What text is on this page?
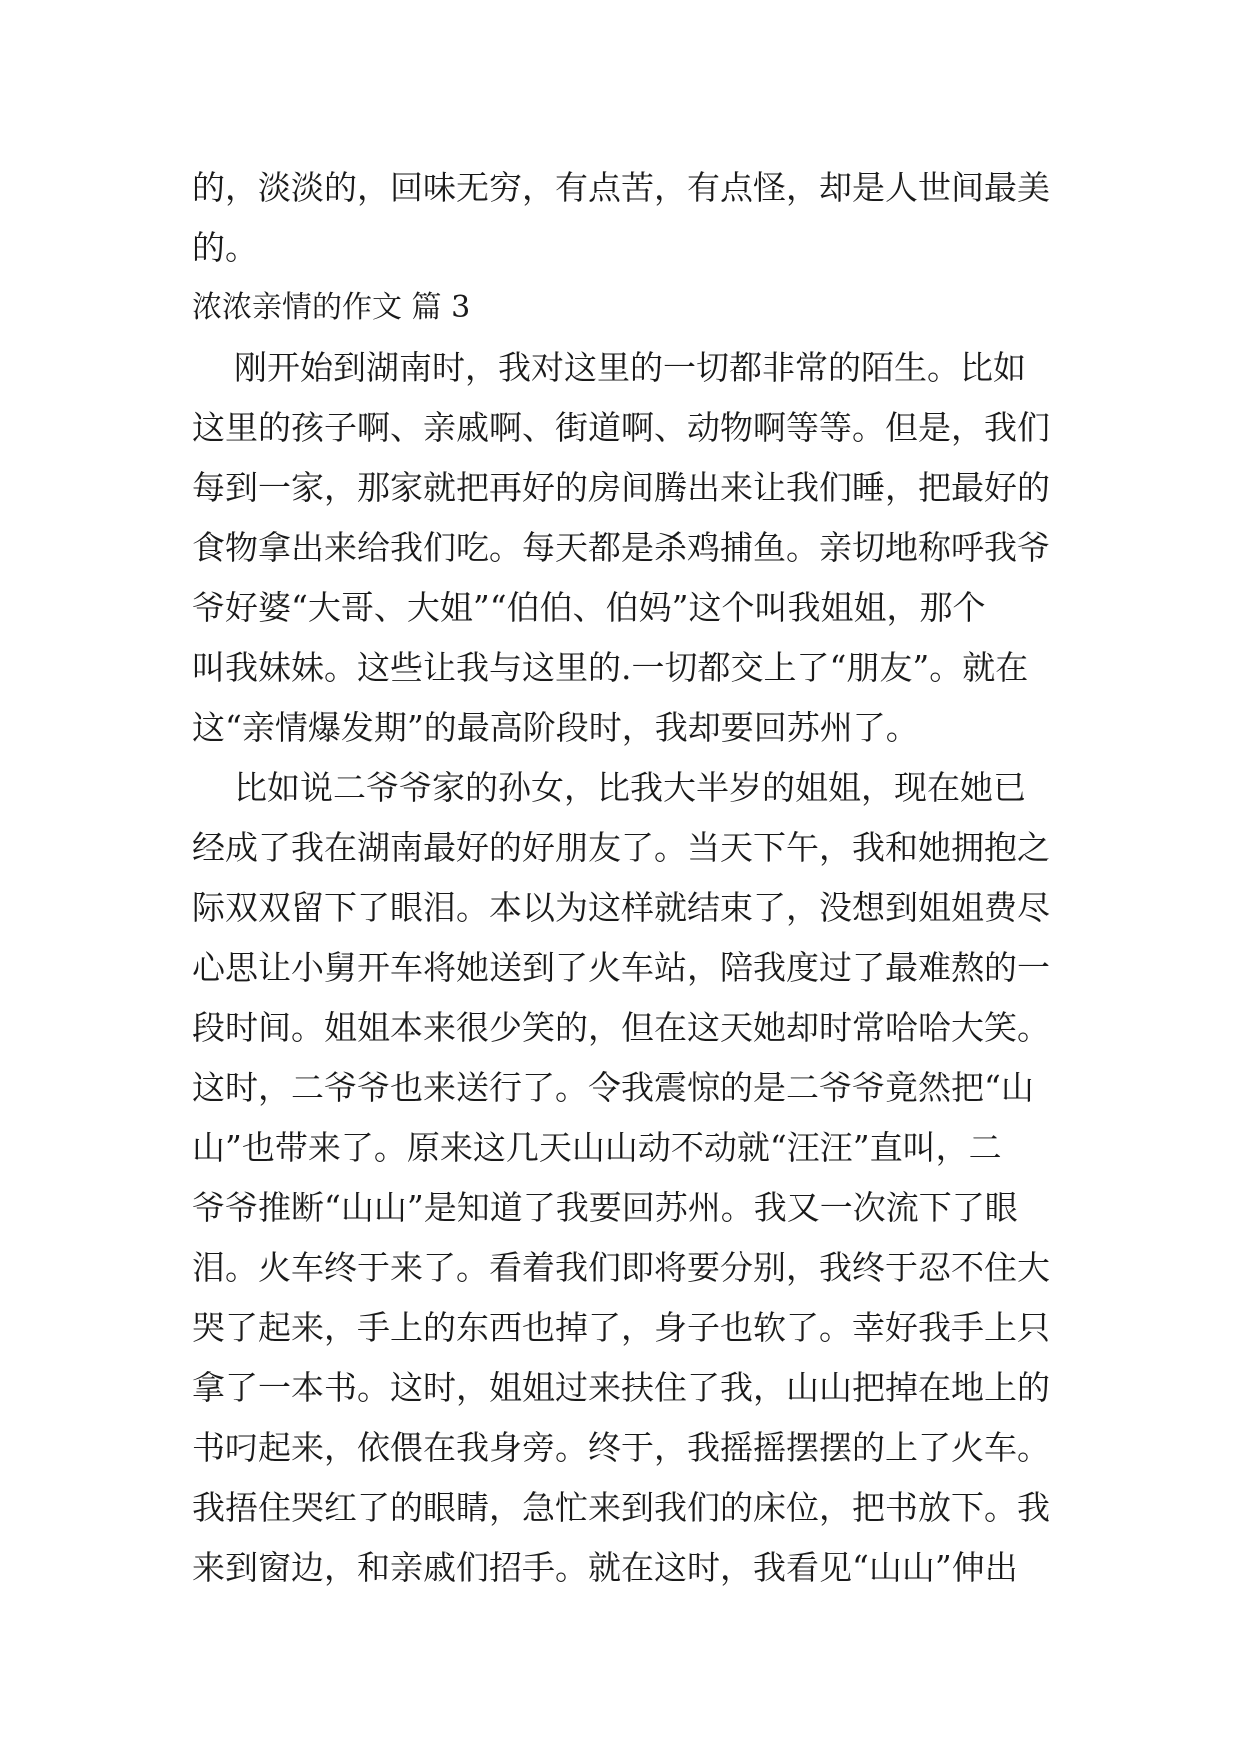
的，淡淡的，回味无穷，有点苦，有点怪，却是人世间最美
的。
浓浓亲情的作文 篇 3
刚开始到湖南时，我对这里的一切都非常的陌生。比如
这里的孩子啊、亲戚啊、街道啊、动物啊等等。但是，我们
每到一家，那家就把再好的房间腾出来让我们睡，把最好的
食物拿出来给我们吃。每天都是杀鸡捕鱼。亲切地称呼我爷
爷好婆“大哥、大姐”“伯伯、伯妈”这个叫我姐姐，那个
叫我妹妹。这些让我与这里的.一切都交上了“朋友”。就在
这“亲情爆发期”的最高阶段时，我却要回苏州了。
比如说二爷爷家的孙女，比我大半岁的姐姐，现在她已
经成了我在湖南最好的好朋友了。当天下午，我和她拥抱之
际双双留下了眼泪。本以为这样就结束了，没想到姐姐费尽
心思让小舅开车将她送到了火车站，陪我度过了最难熬的一
段时间。姐姐本来很少笑的，但在这天她却时常哈哈大笑。
这时，二爷爷也来送行了。令我震惊的是二爷爷竟然把“山
山”也带来了。原来这几天山山动不动就“汪汪”直叫，二
爷爷推断“山山”是知道了我要回苏州。我又一次流下了眼
泪。火车终于来了。看着我们即将要分别，我终于忍不住大
哭了起来，手上的东西也掉了，身子也软了。幸好我手上只
拿了一本书。这时，姐姐过来扶住了我，山山把掉在地上的
书叼起来，依偎在我身旁。终于，我摇摇摆摆的上了火车。
我捂住哭红了的眼睛，急忙来到我们的床位，把书放下。我
来到窗边，和亲戚们招手。就在这时，我看见“山山”伸出
